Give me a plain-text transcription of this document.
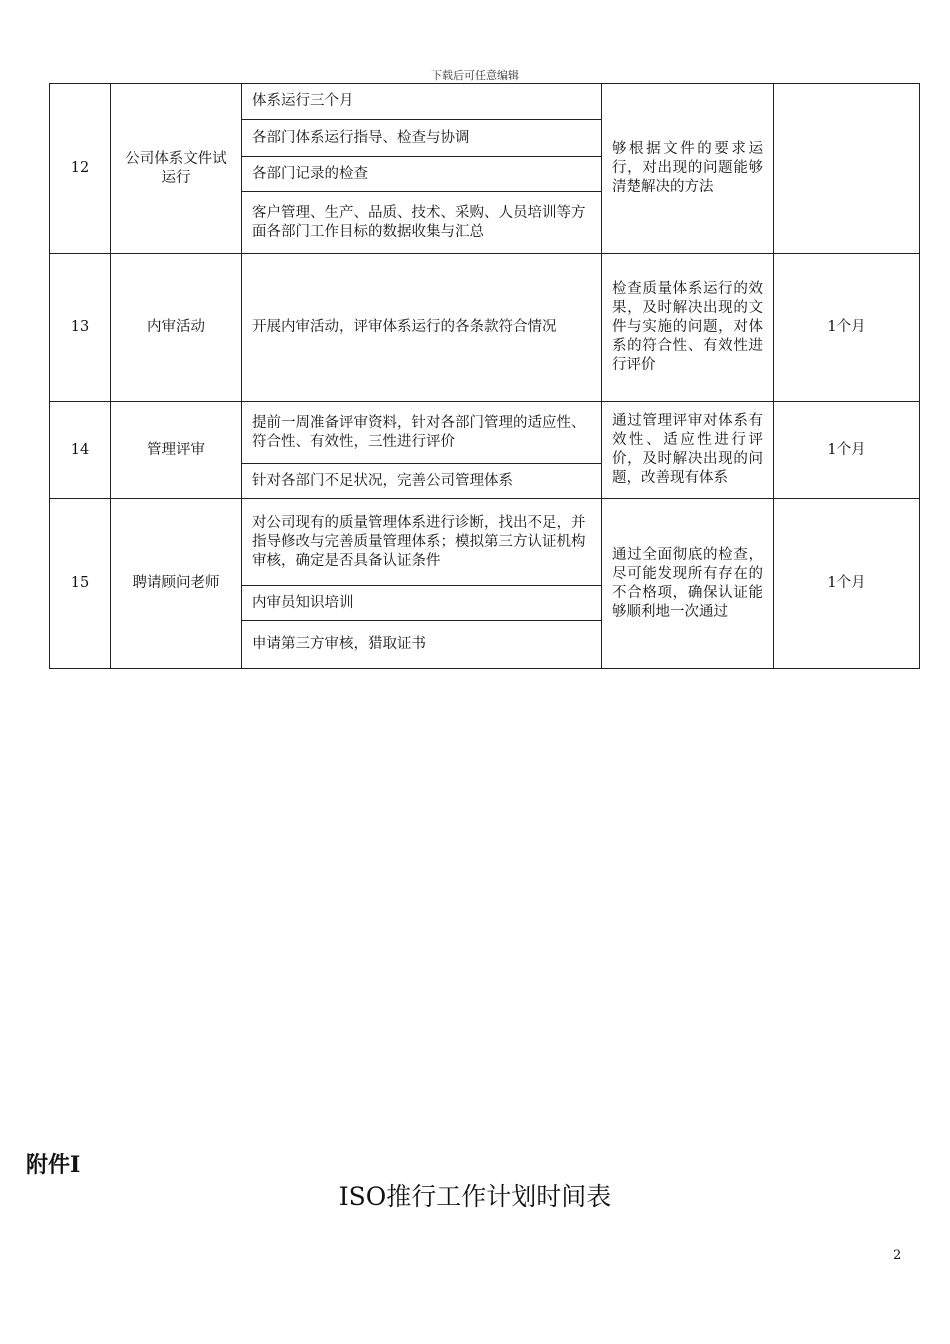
下载后可任意编辑
12	公司体系文件试运行	体系运行三个月	够根据文件的要求运行，对出现的问题能够清楚解决的方法	
		各部门体系运行指导、检查与协调		
		各部门记录的检查		
		客户管理、生产、品质、技术、采购、人员培训等方面各部门工作目标的数据收集与汇总		
13	内审活动	开展内审活动，评审体系运行的各条款符合情况	检查质量体系运行的效果，及时解决出现的文件与实施的问题，对体系的符合性、有效性进行评价	1个月
14	管理评审	提前一周准备评审资料，针对各部门管理的适应性、符合性、有效性，三性进行评价	通过管理评审对体系有效性、适应性进行评价，及时解决出现的问题，改善现有体系	1个月
		针对各部门不足状况，完善公司管理体系		
15	聘请顾问老师	对公司现有的质量管理体系进行诊断，找出不足，并指导修改与完善质量管理体系；模拟第三方认证机构审核，确定是否具备认证条件	通过全面彻底的检查，尽可能发现所有存在的不合格项，确保认证能够顺利地一次通过	1个月
		内审员知识培训		
		申请第三方审核，猎取证书		
附件Ⅰ
ISO推行工作计划时间表
2
